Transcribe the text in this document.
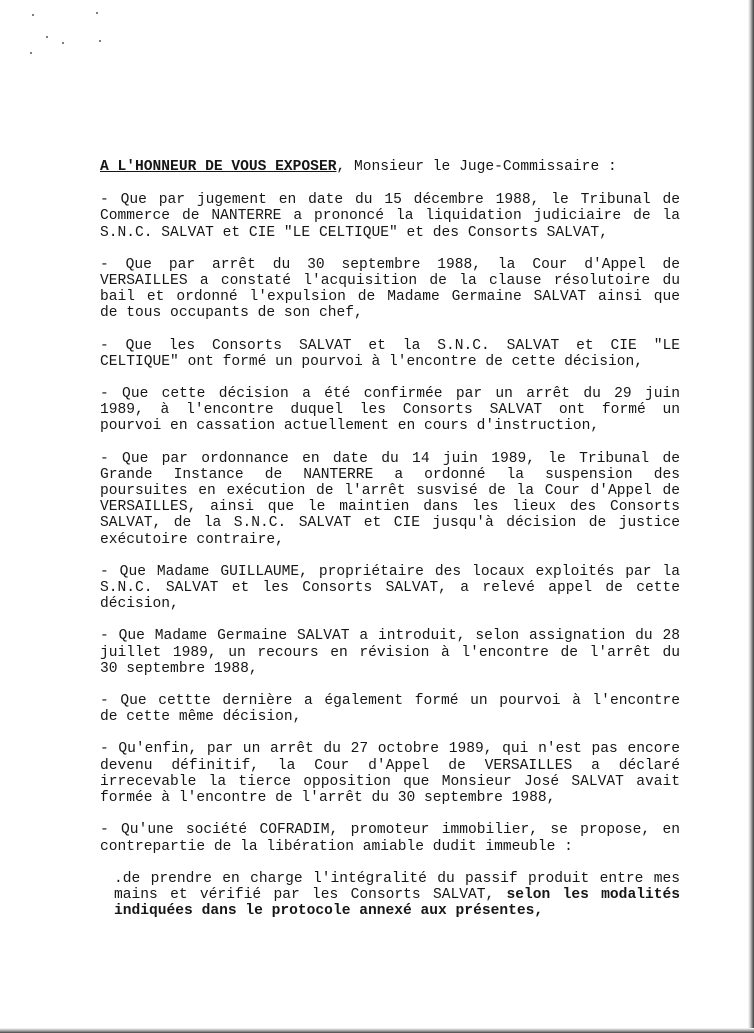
A L'HONNEUR DE VOUS EXPOSER, Monsieur le Juge-Commissaire :
- Que par jugement en date du 15 décembre 1988, le Tribunal de
Commerce de NANTERRE a prononcé la liquidation judiciaire de la
S.N.C. SALVAT et CIE "LE CELTIQUE" et des Consorts SALVAT,
- Que par arrêt du 30 septembre 1988, la Cour d'Appel de
VERSAILLES a constaté l'acquisition de la clause résolutoire du
bail et ordonné l'expulsion de Madame Germaine SALVAT ainsi que
de tous occupants de son chef,
- Que les Consorts SALVAT et la S.N.C. SALVAT et CIE "LE
CELTIQUE" ont formé un pourvoi à l'encontre de cette décision,
- Que cette décision a été confirmée par un arrêt du 29 juin
1989, à l'encontre duquel les Consorts SALVAT ont formé un
pourvoi en cassation actuellement en cours d'instruction,
- Que par ordonnance en date du 14 juin 1989, le Tribunal de
Grande Instance de NANTERRE a ordonné la suspension des
poursuites en exécution de l'arrêt susvisé de la Cour d'Appel de
VERSAILLES, ainsi que le maintien dans les lieux des Consorts
SALVAT, de la S.N.C. SALVAT et CIE jusqu'à décision de justice
exécutoire contraire,
- Que Madame GUILLAUME, propriétaire des locaux exploités par la
S.N.C. SALVAT et les Consorts SALVAT, a relevé appel de cette
décision,
- Que Madame Germaine SALVAT a introduit, selon assignation du 28
juillet 1989, un recours en révision à l'encontre de l'arrêt du
30 septembre 1988,
- Que cettte dernière a également formé un pourvoi à l'encontre
de cette même décision,
- Qu'enfin, par un arrêt du 27 octobre 1989, qui n'est pas encore
devenu définitif, la Cour d'Appel de VERSAILLES a déclaré
irrecevable la tierce opposition que Monsieur José SALVAT avait
formée à l'encontre de l'arrêt du 30 septembre 1988,
- Qu'une société COFRADIM, promoteur immobilier, se propose, en
contrepartie de la libération amiable dudit immeuble :
.de prendre en charge l'intégralité du passif produit entre mes
mains et vérifié par les Consorts SALVAT, selon les modalités
indiquées dans le protocole annexé aux présentes,
